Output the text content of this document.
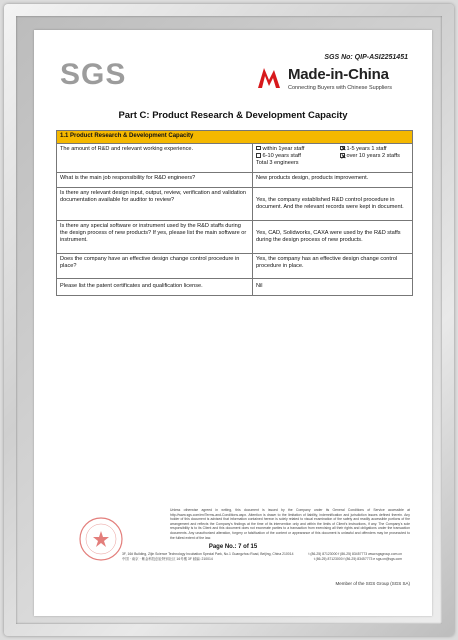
SGS
SGS No: QIP-ASI2251451
Made-in-China
Connecting Buyers with Chinese Suppliers
Part C: Product Research & Development Capacity
1.1 Product Research & Development Capacity	
The amount of R&D and relevant working experience.	within 1year staff 1-5 years 1 staff
6-10 years staff over 10 years 2 staffs
Total 3 engineers

What is the main job responsibility for R&D engineers?	New products design, products improvement.
Is there any relevant design input, output, review, verification and validation documentation available for auditor to review?	Yes, the company established R&D control procedure in document. And the relevant records were kept in document.
Is there any special software or instrument used by the R&D staffs during the design process of new products? If yes, please list the main software or instrument.	Yes, CAD, Solidworks, CAXA were used by the R&D staffs during the design process of new products.
Does the company have an effective design change control procedure in place?	Yes, the company has an effective design change control procedure in place.
Please list the patent certificates and qualification license.	Nil
Unless otherwise agreed in writing, this document is issued by the Company under its General Conditions of Service accessible at http://www.sgs.com/en/Terms-and-Conditions.aspx. Attention is drawn to the limitation of liability, indemnification and jurisdiction issues defined therein. Any holder of this document is advised that information contained hereon is solely related to visual examination of the safety and readily accessible portions of the arrangement and reflects the Company's findings at the time of its intervention only and within the limits of Client's instructions, if any. The Company's sole responsibility is to its Client and this document does not exonerate parties to a transaction from exercising all their rights and obligations under the transaction documents. Any unauthorized alteration, forgery or falsification of the content or appearance of this document is unlawful and offenders may be prosecuted to the fullest extent of the law.
Page No.: 7 of 15
3F, 16# Building, Zijin Science Technology Incubation Special Park, No.1 Guangzhou Road, Beijing, China 210014	t (86-25) 87123000 f (86-25) 83457773 www.sgsgroup.com.cn
中国 · 南京 · 紫金科技创业特别社区 16号楼 3F 邮编: 210014	t (86-25) 87123000 f (86-25) 83457773 e sgs.cn@sgs.com
Member of the SGS Group (SGS SA)
